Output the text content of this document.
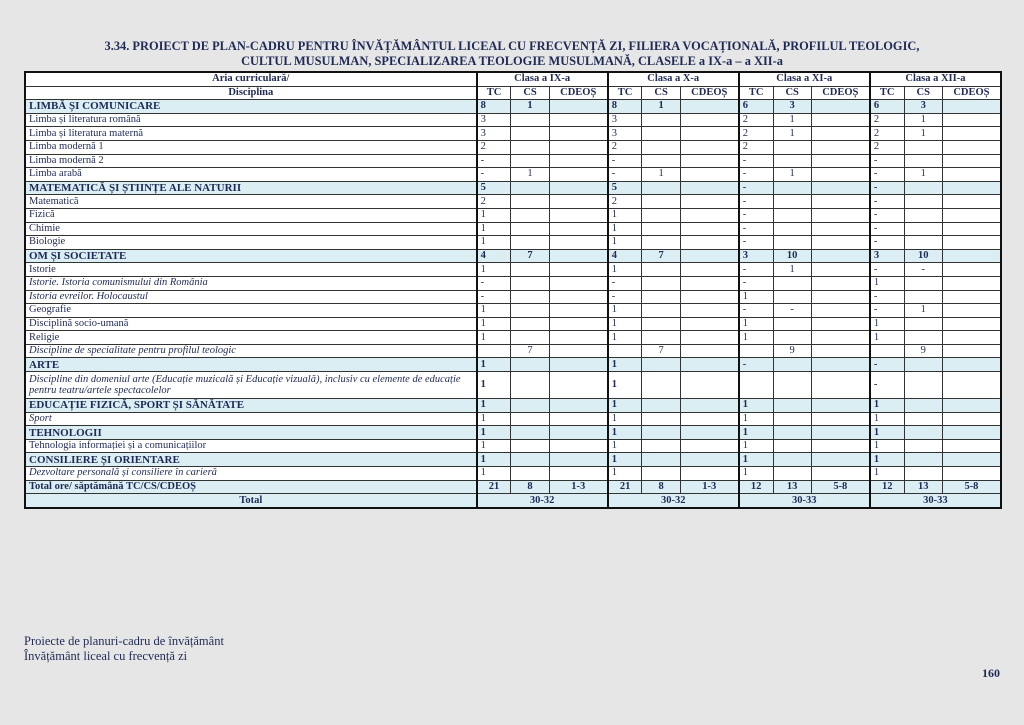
3.34. PROIECT DE PLAN-CADRU PENTRU ÎNVĂȚĂMÂNTUL LICEAL CU FRECVENȚĂ ZI, FILIERA VOCAȚIONALĂ, PROFILUL TEOLOGIC,
CULTUL MUSULMAN, SPECIALIZAREA TEOLOGIE MUSULMANĂ, CLASELE a IX-a – a XII-a
Aria curriculară/	Clasa a IX-a			Clasa a X-a			Clasa a XI-a			Clasa a XII-a		
Disciplina	TC	CS	CDEOȘ	TC	CS	CDEOȘ	TC	CS	CDEOȘ	TC	CS	CDEOȘ
LIMBĂ ȘI COMUNICARE	8	1		8	1		6	3		6	3	
Limba și literatura română	3			3			2	1		2	1	
Limba și literatura maternă	3			3			2	1		2	1	
Limba modernă 1	2			2			2			2		
Limba modernă 2	-			-			-			-		
Limba arabă	-	1		-	1		-	1		-	1	
MATEMATICĂ ȘI ȘTIINȚE ALE NATURII	5			5			-			-		
Matematică	2			2			-			-		
Fizică	1			1			-			-		
Chimie	1			1			-			-		
Biologie	1			1			-			-		
OM ȘI SOCIETATE	4	7		4	7		3	10		3	10	
Istorie	1			1			-	1		-	-	
Istorie. Istoria comunismului din România	-			-			-			1		
Istoria evreilor. Holocaustul	-			-			1			-		
Geografie	1			1			-	-		-	1	
Disciplină socio-umană	1			1			1			1		
Religie	1			1			1			1		
Discipline de specialitate pentru profilul teologic		7			7			9			9	
ARTE	1			1			-			-		
Discipline din domeniul arte (Educație muzicală și Educație vizuală), inclusiv cu elemente de educație pentru teatru/artele spectacolelor	1			1						-		
EDUCAȚIE FIZICĂ, SPORT ȘI SĂNĂTATE	1			1			1			1		
Sport	1			1			1			1		
TEHNOLOGII	1			1			1			1		
Tehnologia informației și a comunicațiilor	1			1			1			1		
CONSILIERE ȘI ORIENTARE	1			1			1			1		
Dezvoltare personală și consiliere în carieră	1			1			1			1		
Total ore/ săptămână TC/CS/CDEOȘ	21	8	1-3	21	8	1-3	12	13	5-8	12	13	5-8
Total	30-32			30-32			30-33			30-33		
Proiecte de planuri-cadru de învățământ
Învățământ liceal cu frecvență zi
160
